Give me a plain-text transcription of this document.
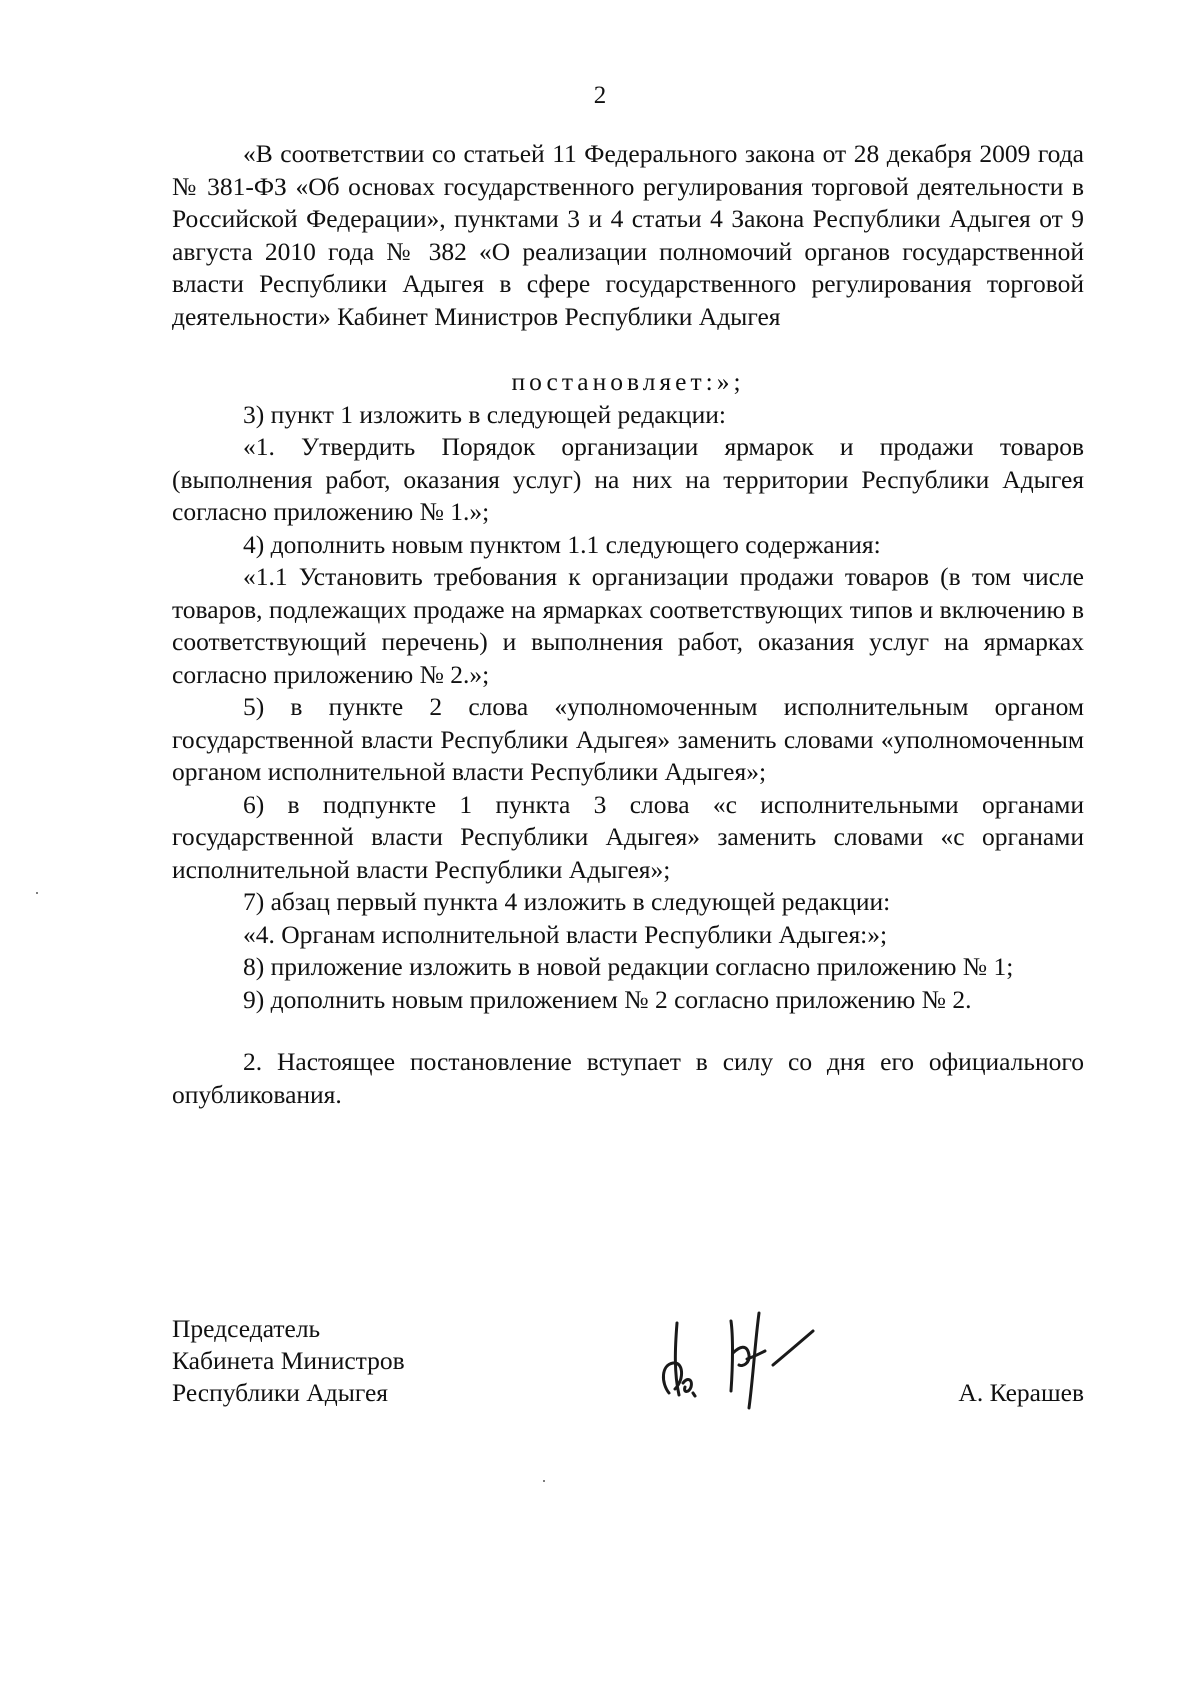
2

«В соответствии со статьей 11 Федерального закона от 28 декабря 2009 года № 381-ФЗ «Об основах государственного регулирования торговой деятельности в Российской Федерации», пунктами 3 и 4 статьи 4 Закона Республики Адыгея от 9 августа 2010 года № 382 «О реализации полномочий органов государственной власти Республики Адыгея в сфере государственного регулирования торговой деятельности» Кабинет Министров Республики Адыгея

постановляет:»;

3) пункт 1 изложить в следующей редакции:

«1. Утвердить Порядок организации ярмарок и продажи товаров (выполнения работ, оказания услуг) на них на территории Республики Адыгея согласно приложению № 1.»;

4) дополнить новым пунктом 1.1 следующего содержания:

«1.1 Установить требования к организации продажи товаров (в том числе товаров, подлежащих продаже на ярмарках соответствующих типов и включению в соответствующий перечень) и выполнения работ, оказания услуг на ярмарках согласно приложению № 2.»;

5) в пункте 2 слова «уполномоченным исполнительным органом государственной власти Республики Адыгея» заменить словами «уполномоченным органом исполнительной власти Республики Адыгея»;

6) в подпункте 1 пункта 3 слова «с исполнительными органами государственной власти Республики Адыгея» заменить словами «с органами исполнительной власти Республики Адыгея»;

7) абзац первый пункта 4 изложить в следующей редакции:

«4. Органам исполнительной власти Республики Адыгея:»;

8) приложение изложить в новой редакции согласно приложению № 1;

9) дополнить новым приложением № 2 согласно приложению № 2.

2. Настоящее постановление вступает в силу со дня его официального опубликования.

Председатель
Кабинета Министров
Республики Адыгея	А. Керашев
